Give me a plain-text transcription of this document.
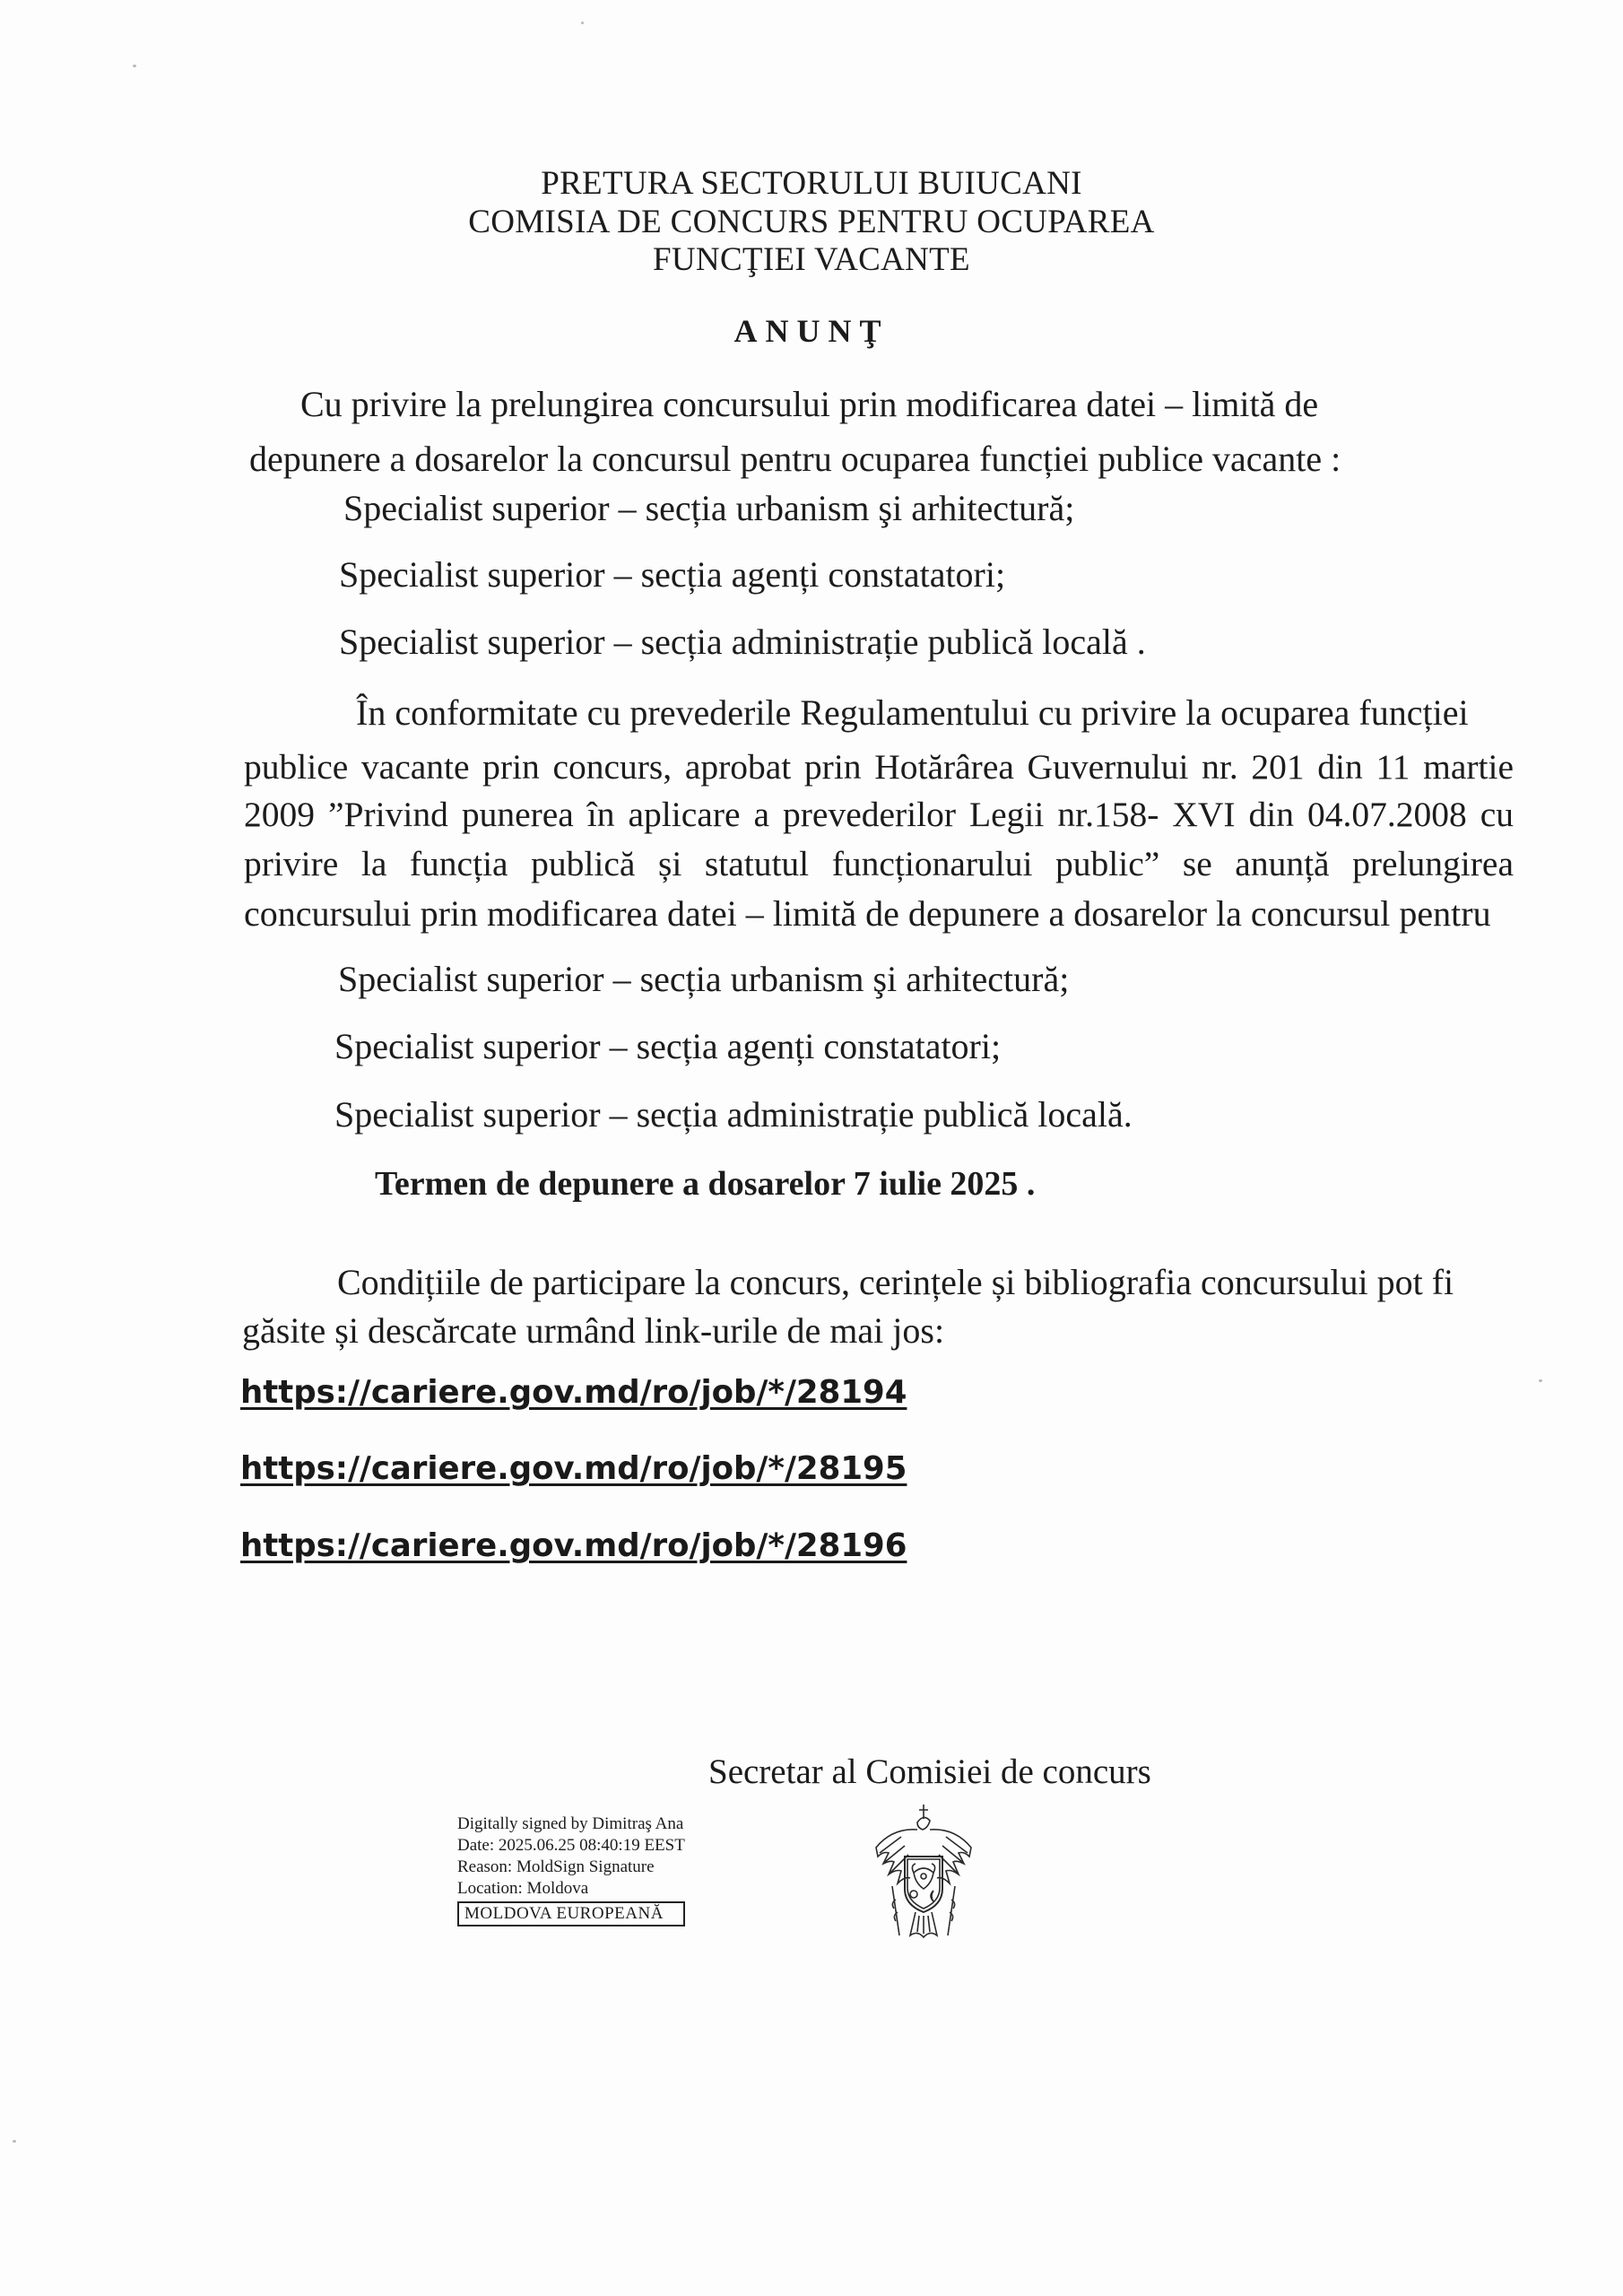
PRETURA SECTORULUI BUIUCANI
COMISIA DE CONCURS PENTRU OCUPAREA
FUNCŢIEI VACANTE
ANUNŢ
Cu privire la prelungirea concursului prin modificarea datei – limită de
depunere a dosarelor la concursul pentru ocuparea funcției publice vacante :
Specialist superior – secția urbanism şi arhitectură;
Specialist superior – secția agenți constatatori;
Specialist superior – secția administrație publică locală .
În conformitate cu prevederile Regulamentului cu privire la ocuparea funcției
publice vacante prin concurs, aprobat prin Hotărârea Guvernului nr. 201 din 11 martie
2009 ”Privind punerea în aplicare a prevederilor Legii nr.158- XVI din 04.07.2008 cu
privire la funcția publică și statutul funcționarului public” se anunță prelungirea
concursului prin modificarea datei – limită de depunere a dosarelor la concursul pentru
Specialist superior – secția urbanism şi arhitectură;
Specialist superior – secția agenți constatatori;
Specialist superior – secția administrație publică locală.
Termen de depunere a dosarelor 7 iulie 2025 .
Condițiile de participare la concurs, cerințele și bibliografia concursului pot fi
găsite și descărcate urmând link-urile de mai jos:
https://cariere.gov.md/ro/job/*/28194
https://cariere.gov.md/ro/job/*/28195
https://cariere.gov.md/ro/job/*/28196
Secretar al Comisiei de concurs
Digitally signed by Dimitraş Ana
Date: 2025.06.25 08:40:19 EEST
Reason: MoldSign Signature
Location: Moldova
MOLDOVA EUROPEANĂ
